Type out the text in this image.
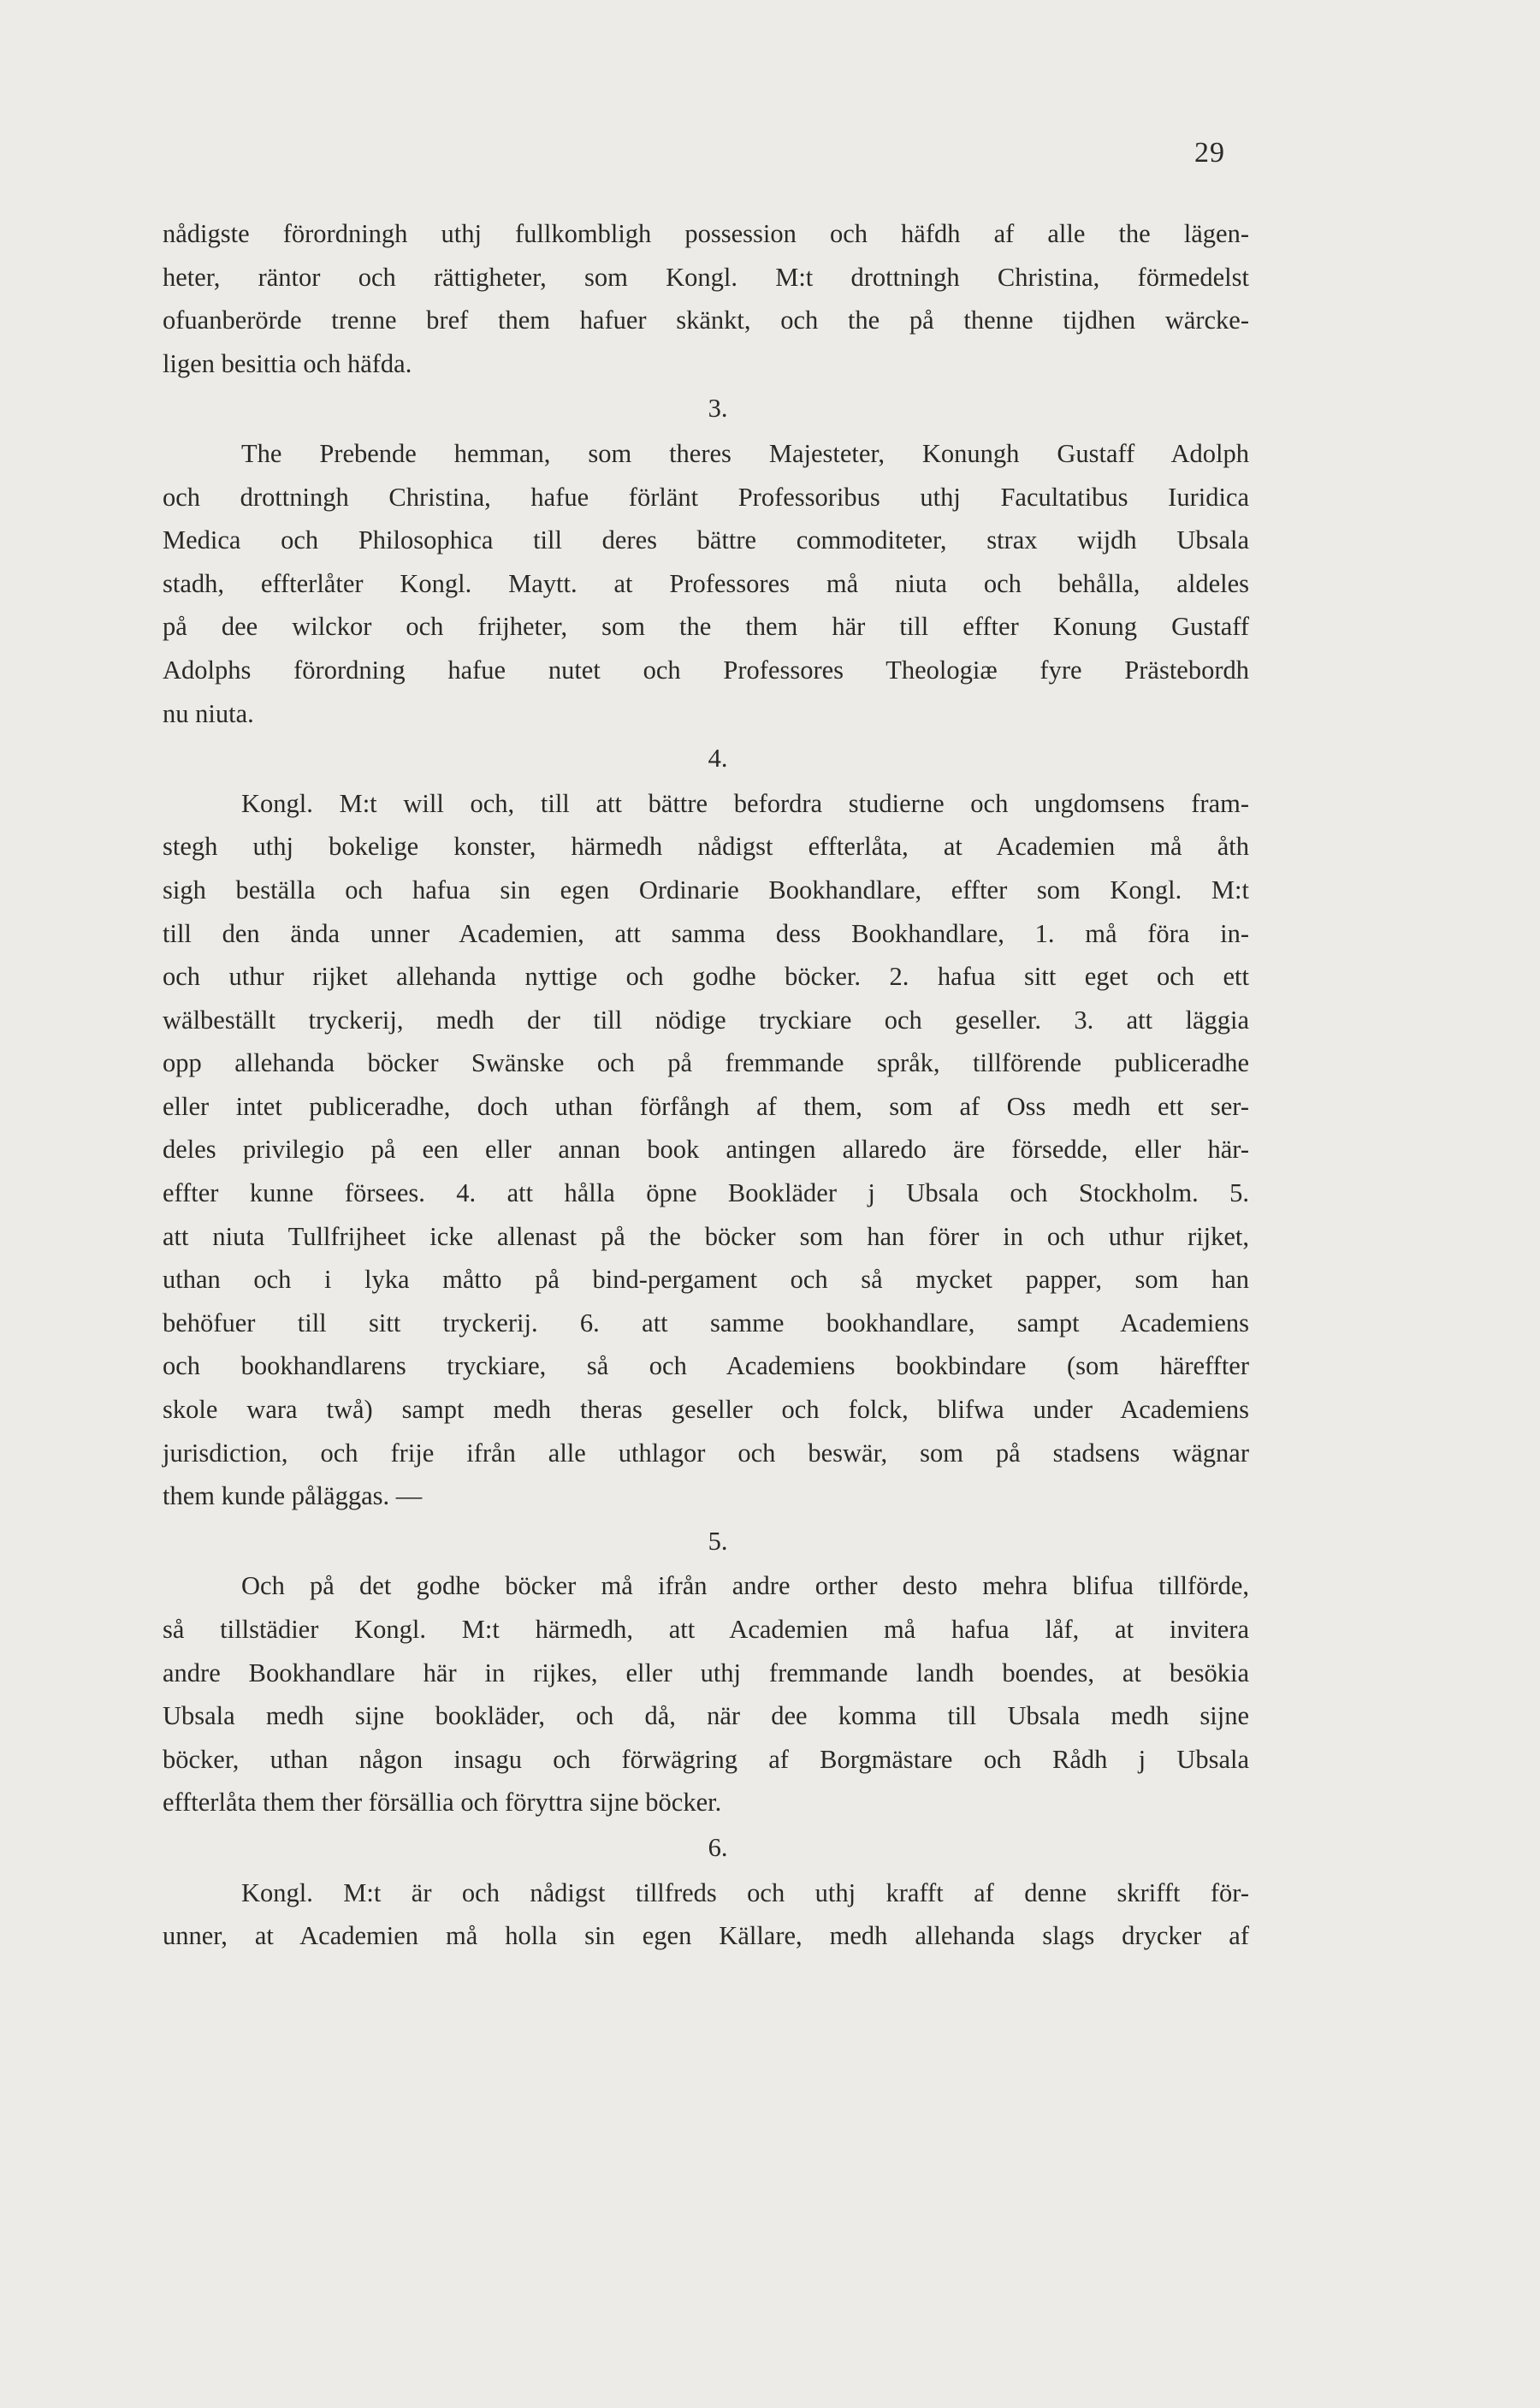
29
nådigste förordningh uthj fullkombligh possession och häfdh af alle the lägen-
heter, räntor och rättigheter, som Kongl. M:t drottningh Christina, förmedelst
ofuanberörde trenne bref them hafuer skänkt, och the på thenne tijdhen wärcke-
ligen besittia och häfda.
3.
The Prebende hemman, som theres Majesteter, Konungh Gustaff Adolph
och drottningh Christina, hafue förlänt Professoribus uthj Facultatibus Iuridica
Medica och Philosophica till deres bättre commoditeter, strax wijdh Ubsala
stadh, effterlåter Kongl. Maytt. at Professores må niuta och behålla, aldeles
på dee wilckor och frijheter, som the them här till effter Konung Gustaff
Adolphs förordning hafue nutet och Professores Theologiæ fyre Prästebordh
nu niuta.
4.
Kongl. M:t will och, till att bättre befordra studierne och ungdomsens fram-
stegh uthj bokelige konster, härmedh nådigst effterlåta, at Academien må åth
sigh beställa och hafua sin egen Ordinarie Bookhandlare, effter som Kongl. M:t
till den ända unner Academien, att samma dess Bookhandlare, 1. må föra in-
och uthur rijket allehanda nyttige och godhe böcker. 2. hafua sitt eget och ett
wälbeställt tryckerij, medh der till nödige tryckiare och geseller. 3. att läggia
opp allehanda böcker Swänske och på fremmande språk, tillförende publiceradhe
eller intet publiceradhe, doch uthan förfångh af them, som af Oss medh ett ser-
deles privilegio på een eller annan book antingen allaredo äre försedde, eller här-
effter kunne försees. 4. att hålla öpne Bookläder j Ubsala och Stockholm. 5.
att niuta Tullfrijheet icke allenast på the böcker som han förer in och uthur rijket,
uthan och i lyka måtto på bind-pergament och så mycket papper, som han
behöfuer till sitt tryckerij. 6. att samme bookhandlare, sampt Academiens
och bookhandlarens tryckiare, så och Academiens bookbindare (som häreffter
skole wara twå) sampt medh theras geseller och folck, blifwa under Academiens
jurisdiction, och frije ifrån alle uthlagor och beswär, som på stadsens wägnar
them kunde påläggas. —
5.
Och på det godhe böcker må ifrån andre orther desto mehra blifua tillförde,
så tillstädier Kongl. M:t härmedh, att Academien må hafua låf, at invitera
andre Bookhandlare här in rijkes, eller uthj fremmande landh boendes, at besökia
Ubsala medh sijne bookläder, och då, när dee komma till Ubsala medh sijne
böcker, uthan någon insagu och förwägring af Borgmästare och Rådh j Ubsala
effterlåta them ther försällia och föryttra sijne böcker.
6.
Kongl. M:t är och nådigst tillfreds och uthj krafft af denne skrifft för-
unner, at Academien må holla sin egen Källare, medh allehanda slags drycker af
